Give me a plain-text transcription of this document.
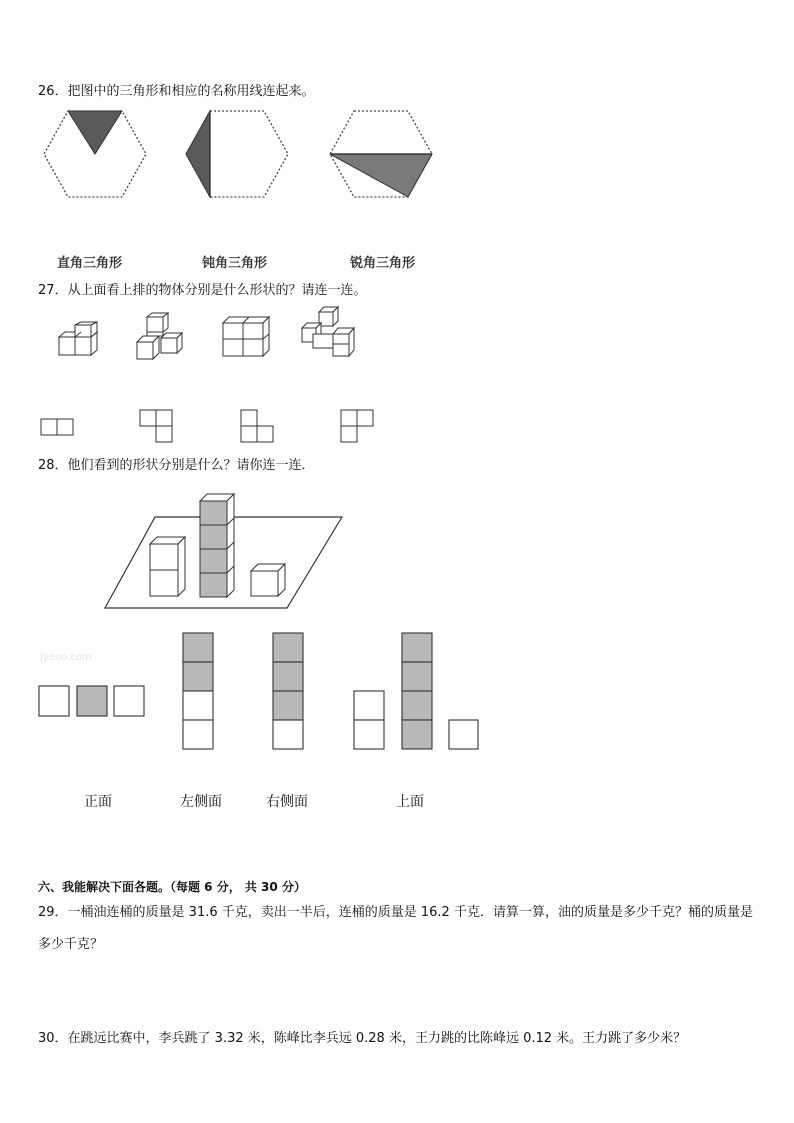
26．把图中的三角形和相应的名称用线连起来。
直角三角形	钝角三角形	锐角三角形
27．从上面看上排的物体分别是什么形状的？请连一连。
28．他们看到的形状分别是什么？请你连一连．
Jyeoo.com
正面	左侧面	右侧面	上面
六、我能解决下面各题。（每题 6 分， 共 30 分）
29．一桶油连桶的质量是 31.6 千克，卖出一半后，连桶的质量是 16.2 千克．请算一算，油的质量是多少千克？桶的质量是多少千克？
30．在跳远比赛中，李兵跳了 3.32 米，陈峰比李兵远 0.28 米，王力跳的比陈峰远 0.12 米。王力跳了多少米？
